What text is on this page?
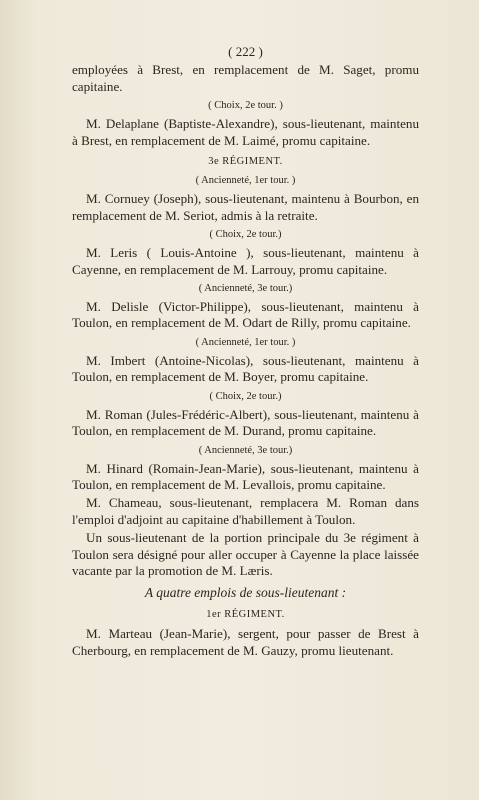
( 222 )

employées à Brest, en remplacement de M. Saget, promu capitaine.

( Choix, 2e tour. )

M. Delaplane (Baptiste-Alexandre), sous-lieutenant, maintenu à Brest, en remplacement de M. Laimé, promu capitaine.

3e RÉGIMENT.
( Ancienneté, 1er tour. )

M. Cornuey (Joseph), sous-lieutenant, maintenu à Bourbon, en remplacement de M. Seriot, admis à la retraite.

( Choix, 2e tour.)

M. Leris ( Louis-Antoine ), sous-lieutenant, maintenu à Cayenne, en remplacement de M. Larrouy, promu capitaine.

( Ancienneté, 3e tour.)

M. Delisle (Victor-Philippe), sous-lieutenant, maintenu à Toulon, en remplacement de M. Odart de Rilly, promu capitaine.

( Ancienneté, 1er tour. )

M. Imbert (Antoine-Nicolas), sous-lieutenant, maintenu à Toulon, en remplacement de M. Boyer, promu capitaine.

( Choix, 2e tour.)

M. Roman (Jules-Frédéric-Albert), sous-lieutenant, maintenu à Toulon, en remplacement de M. Durand, promu capitaine.

( Ancienneté, 3e tour.)

M. Hinard (Romain-Jean-Marie), sous-lieutenant, maintenu à Toulon, en remplacement de M. Levallois, promu capitaine.

M. Chameau, sous-lieutenant, remplacera M. Roman dans l'emploi d'adjoint au capitaine d'habillement à Toulon.

Un sous-lieutenant de la portion principale du 3e régiment à Toulon sera désigné pour aller occuper à Cayenne la place laissée vacante par la promotion de M. Læris.

A quatre emplois de sous-lieutenant :
1er RÉGIMENT.

M. Marteau (Jean-Marie), sergent, pour passer de Brest à Cherbourg, en remplacement de M. Gauzy, promu lieutenant.
